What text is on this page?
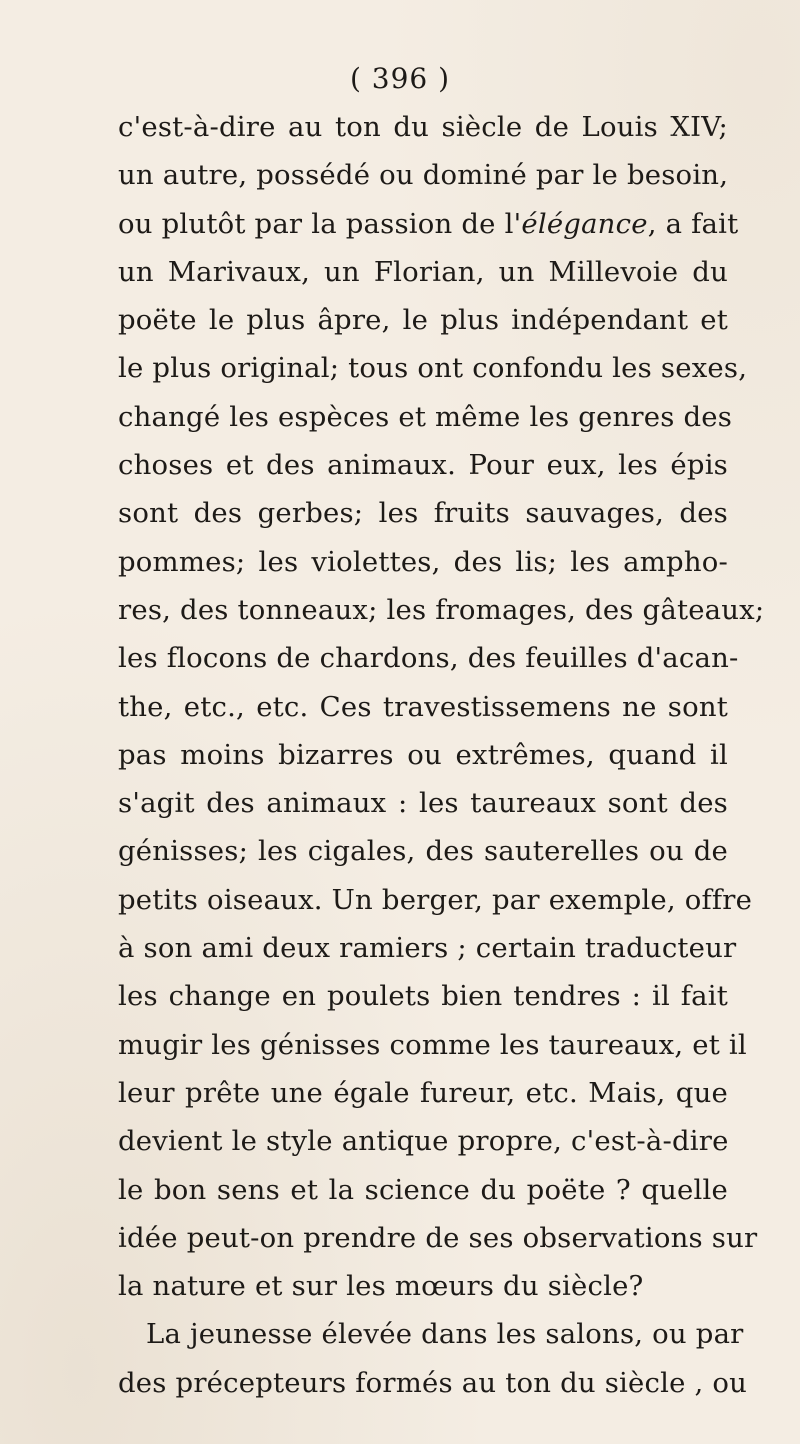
( 396 )
c'est-à-dire au ton du siècle de Louis XIV;
un autre, possédé ou dominé par le besoin,
ou plutôt par la passion de l'élégance, a fait
un Marivaux, un Florian, un Millevoie du
poëte le plus âpre, le plus indépendant et
le plus original; tous ont confondu les sexes,
changé les espèces et même les genres des
choses et des animaux. Pour eux, les épis
sont des gerbes; les fruits sauvages, des
pommes; les violettes, des lis; les ampho-
res, des tonneaux; les fromages, des gâteaux;
les flocons de chardons, des feuilles d'acan-
the, etc., etc. Ces travestissemens ne sont
pas moins bizarres ou extrêmes, quand il
s'agit des animaux : les taureaux sont des
génisses; les cigales, des sauterelles ou de
petits oiseaux. Un berger, par exemple, offre
à son ami deux ramiers ; certain traducteur
les change en poulets bien tendres : il fait
mugir les génisses comme les taureaux, et il
leur prête une égale fureur, etc. Mais, que
devient le style antique propre, c'est-à-dire
le bon sens et la science du poëte ? quelle
idée peut-on prendre de ses observations sur
la nature et sur les mœurs du siècle?
La jeunesse élevée dans les salons, ou par
des précepteurs formés au ton du siècle , ou
